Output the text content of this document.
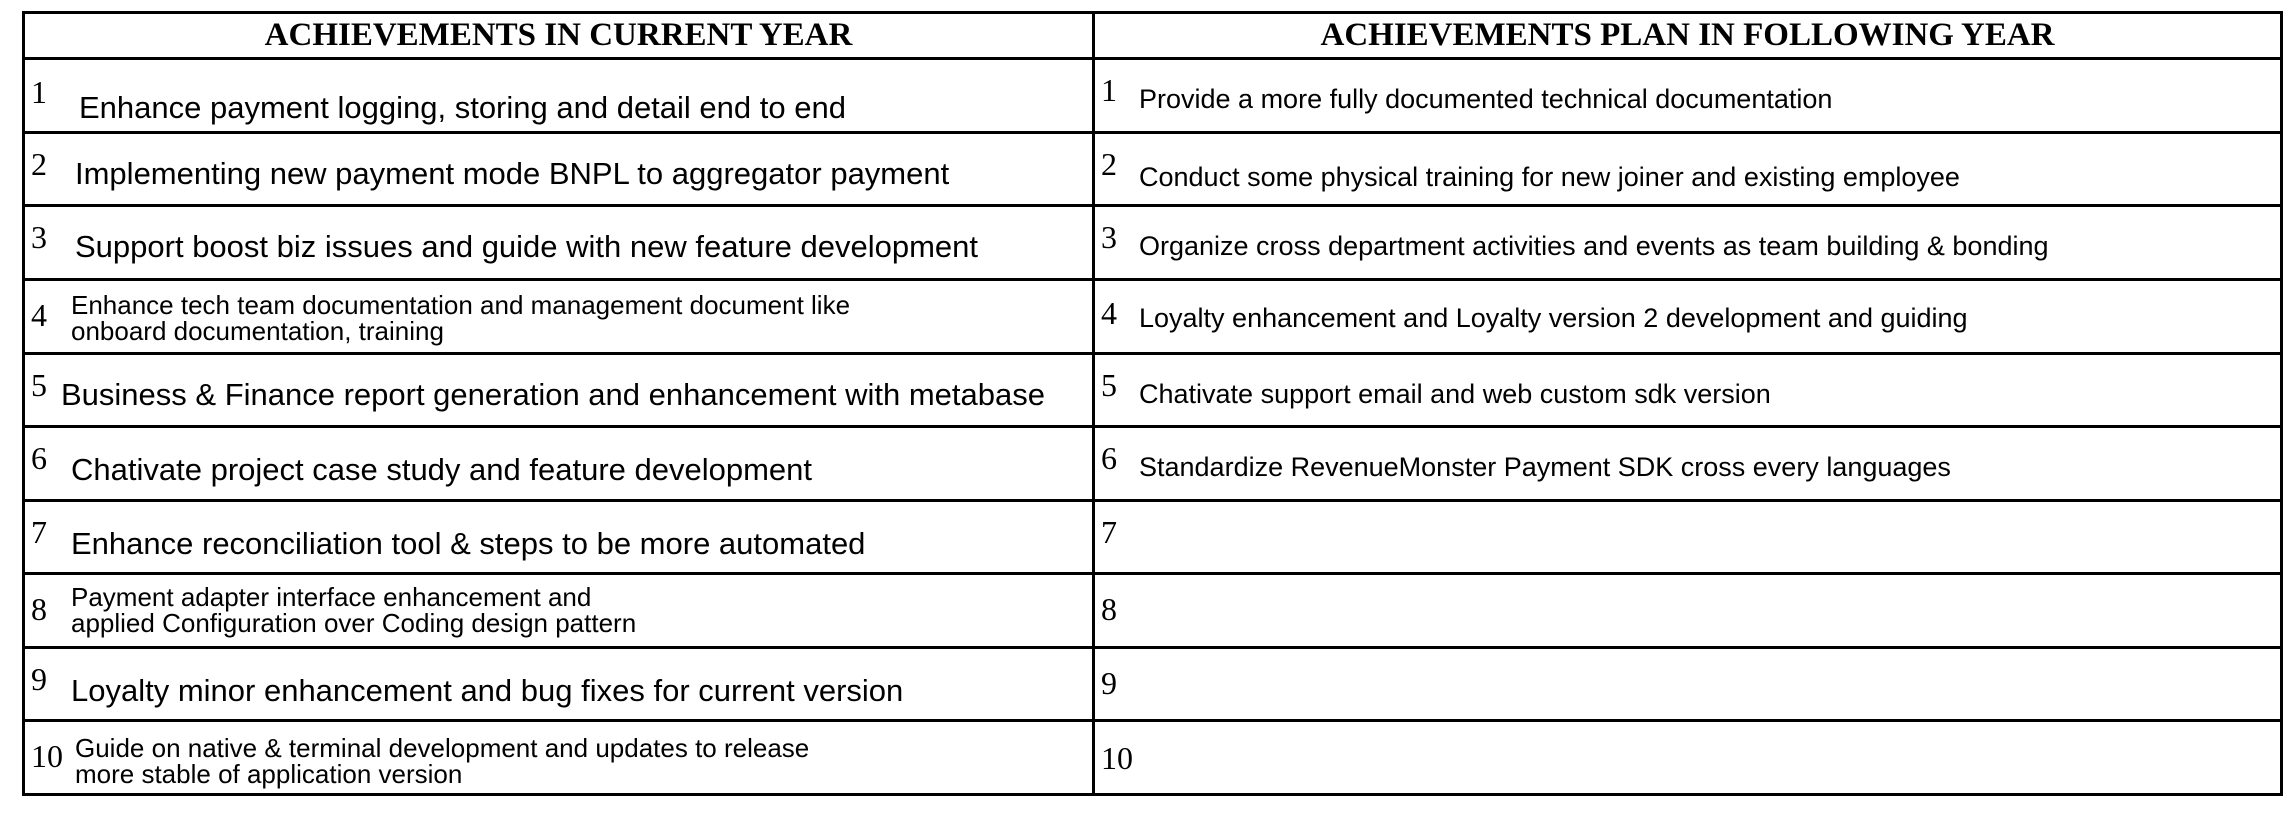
ACHIEVEMENTS IN CURRENT YEAR	ACHIEVEMENTS PLAN IN FOLLOWING YEAR

1 Enhance payment logging, storing and detail end to end	1 Provide a more fully documented technical documentation

2 Implementing new payment mode BNPL to aggregator payment	2 Conduct some physical training for new joiner and existing employee

3 Support boost biz issues and guide with new feature development	3 Organize cross department activities and events as team building & bonding

4 Enhance tech team documentation and management document like
onboard documentation, training	4 Loyalty enhancement and Loyalty version 2 development and guiding

5 Business & Finance report generation and enhancement with metabase	5 Chativate support email and web custom sdk version

6 Chativate project case study and feature development	6 Standardize RevenueMonster Payment SDK cross every languages

7 Enhance reconciliation tool & steps to be more automated	7

8 Payment adapter interface enhancement and
applied Configuration over Coding design pattern	8

9 Loyalty minor enhancement and bug fixes for current version	9

10 Guide on native & terminal development and updates to release
more stable of application version	10
